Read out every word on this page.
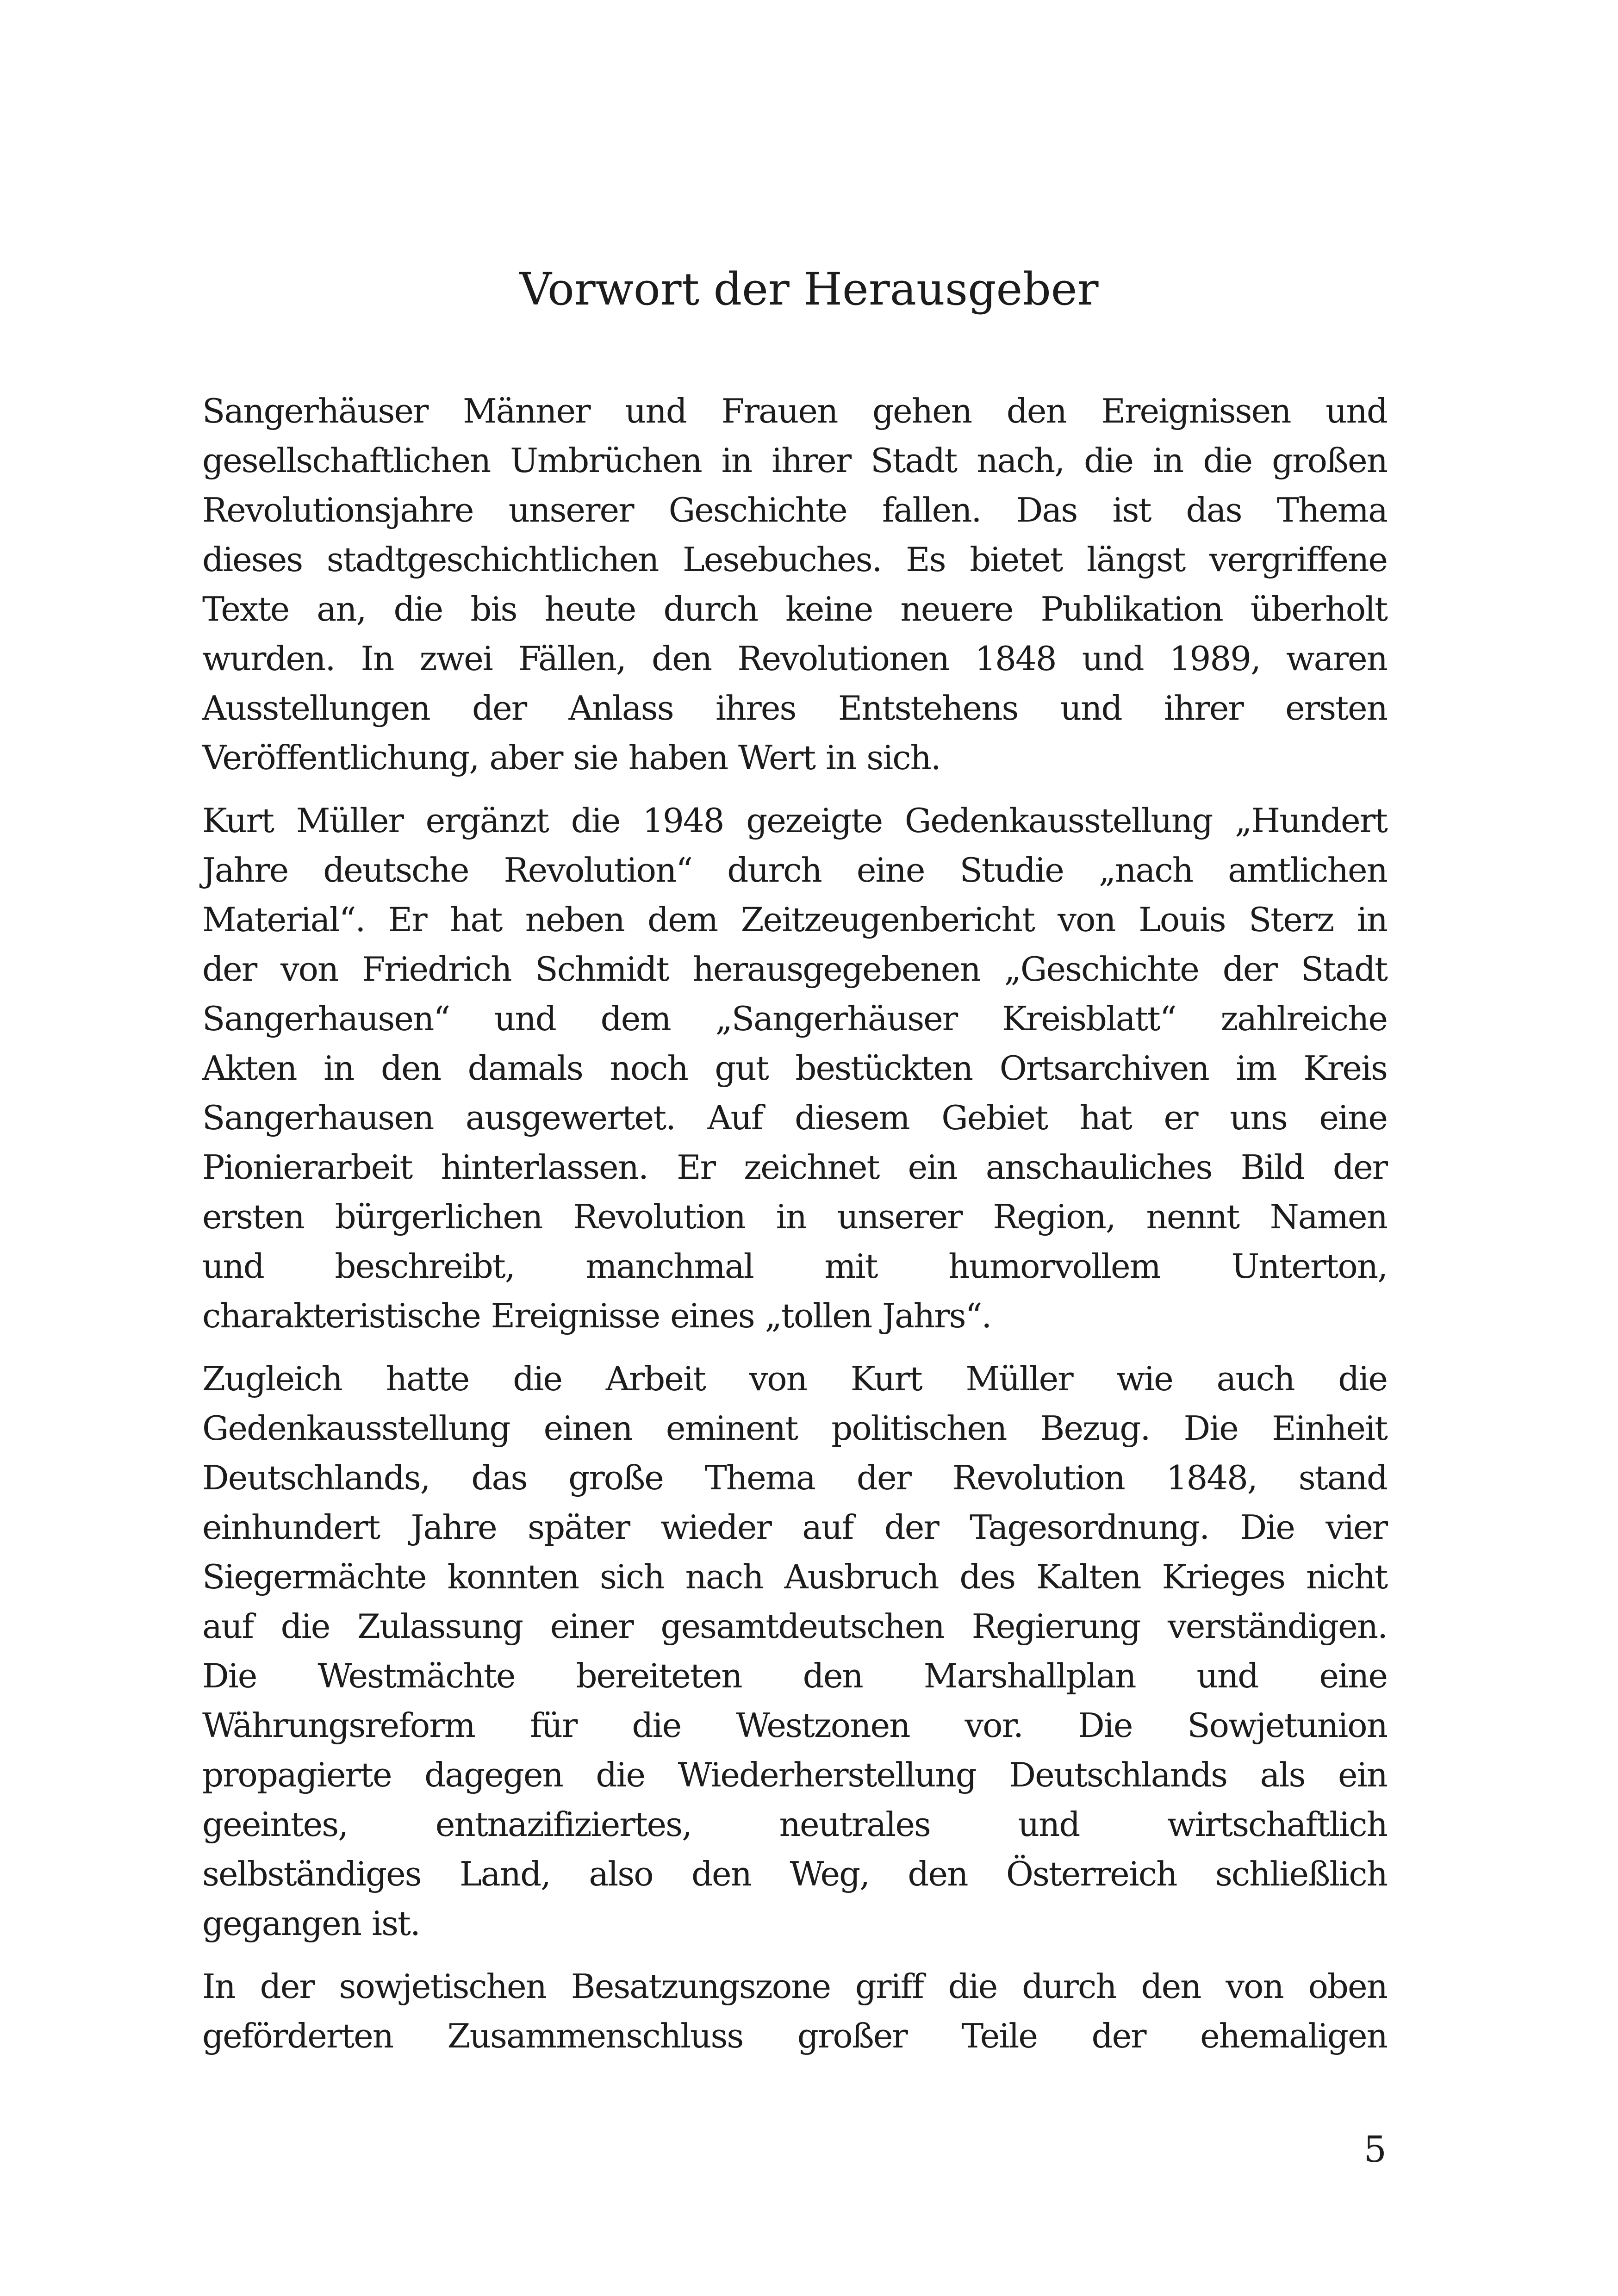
Vorwort der Herausgeber

Sangerhäuser Männer und Frauen gehen den Ereignissen und
gesellschaftlichen Umbrüchen in ihrer Stadt nach, die in die großen
Revolutionsjahre unserer Geschichte fallen. Das ist das Thema
dieses stadtgeschichtlichen Lesebuches. Es bietet längst vergriffene
Texte an, die bis heute durch keine neuere Publikation überholt
wurden. In zwei Fällen, den Revolutionen 1848 und 1989, waren
Ausstellungen der Anlass ihres Entstehens und ihrer ersten
Veröffentlichung, aber sie haben Wert in sich.

Kurt Müller ergänzt die 1948 gezeigte Gedenkausstellung „Hundert
Jahre deutsche Revolution“ durch eine Studie „nach amtlichen
Material“. Er hat neben dem Zeitzeugenbericht von Louis Sterz in
der von Friedrich Schmidt herausgegebenen „Geschichte der Stadt
Sangerhausen“ und dem „Sangerhäuser Kreisblatt“ zahlreiche
Akten in den damals noch gut bestückten Ortsarchiven im Kreis
Sangerhausen ausgewertet. Auf diesem Gebiet hat er uns eine
Pionierarbeit hinterlassen. Er zeichnet ein anschauliches Bild der
ersten bürgerlichen Revolution in unserer Region, nennt Namen
und beschreibt, manchmal mit humorvollem Unterton,
charakteristische Ereignisse eines „tollen Jahrs“.

Zugleich hatte die Arbeit von Kurt Müller wie auch die
Gedenkausstellung einen eminent politischen Bezug. Die Einheit
Deutschlands, das große Thema der Revolution 1848, stand
einhundert Jahre später wieder auf der Tagesordnung. Die vier
Siegermächte konnten sich nach Ausbruch des Kalten Krieges nicht
auf die Zulassung einer gesamtdeutschen Regierung verständigen.
Die Westmächte bereiteten den Marshallplan und eine
Währungsreform für die Westzonen vor. Die Sowjetunion
propagierte dagegen die Wiederherstellung Deutschlands als ein
geeintes, entnazifiziertes, neutrales und wirtschaftlich
selbständiges Land, also den Weg, den Österreich schließlich
gegangen ist.

In der sowjetischen Besatzungszone griff die durch den von oben
geförderten Zusammenschluss großer Teile der ehemaligen

5
